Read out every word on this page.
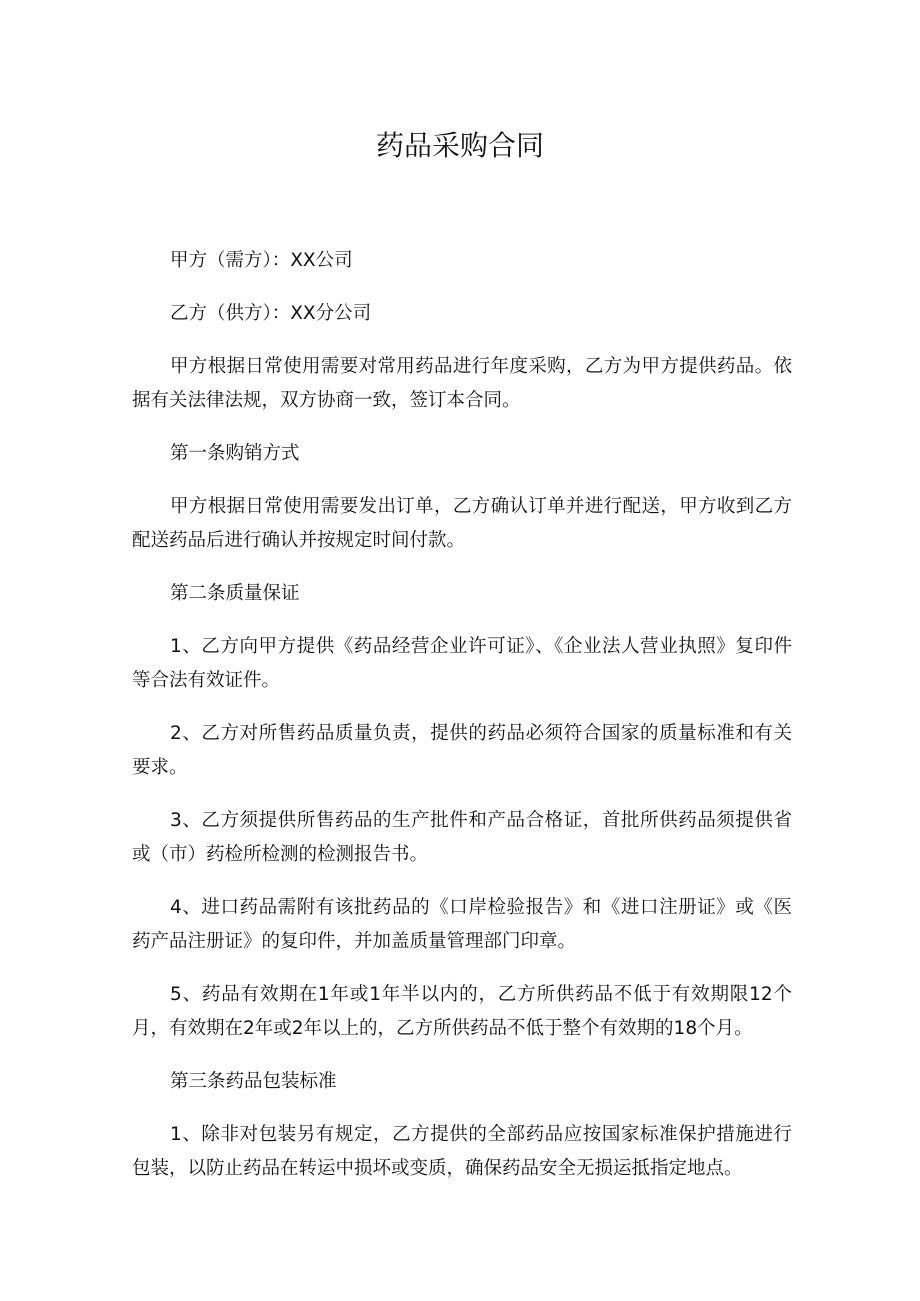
药品采购合同

甲方（需方）：XX公司

乙方（供方）：XX分公司

甲方根据日常使用需要对常用药品进行年度采购，乙方为甲方提供药品。依据有关法律法规，双方协商一致，签订本合同。

第一条购销方式

甲方根据日常使用需要发出订单，乙方确认订单并进行配送，甲方收到乙方配送药品后进行确认并按规定时间付款。

第二条质量保证

1、乙方向甲方提供《药品经营企业许可证》、《企业法人营业执照》复印件等合法有效证件。

2、乙方对所售药品质量负责，提供的药品必须符合国家的质量标准和有关要求。

3、乙方须提供所售药品的生产批件和产品合格证，首批所供药品须提供省或（市）药检所检测的检测报告书。

4、进口药品需附有该批药品的《口岸检验报告》和《进口注册证》或《医药产品注册证》的复印件，并加盖质量管理部门印章。

5、药品有效期在1年或1年半以内的，乙方所供药品不低于有效期限12个月，有效期在2年或2年以上的，乙方所供药品不低于整个有效期的18个月。

第三条药品包装标准

1、除非对包装另有规定，乙方提供的全部药品应按国家标准保护措施进行包装，以防止药品在转运中损坏或变质，确保药品安全无损运抵指定地点。
